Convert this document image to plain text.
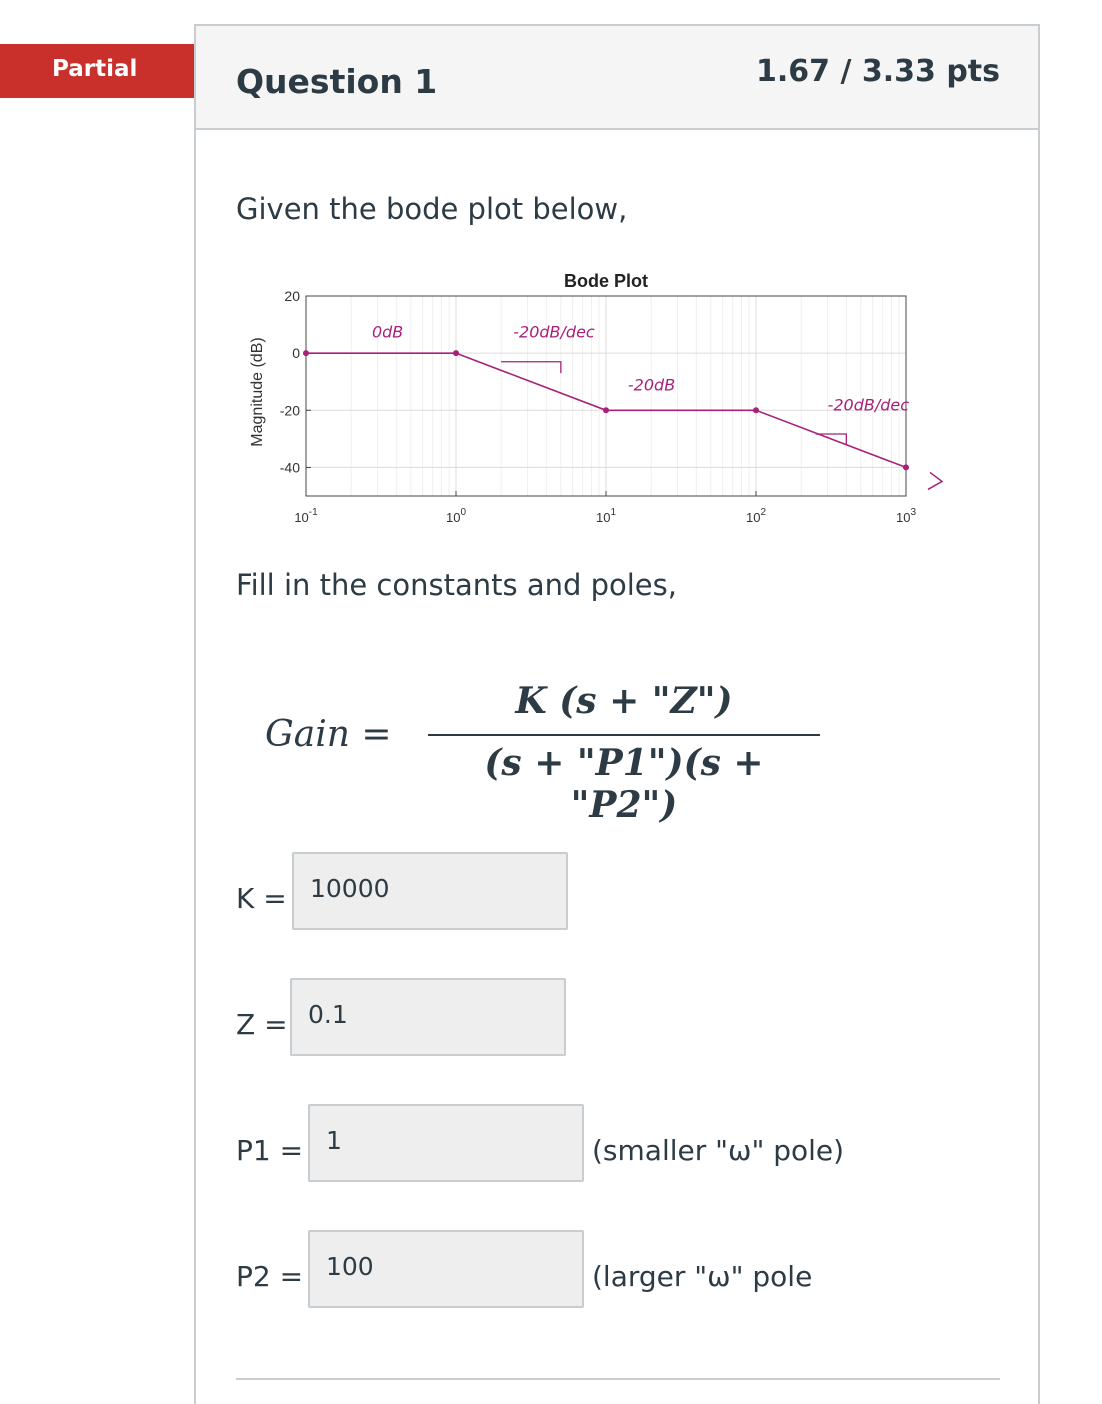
Partial	Question 1	1.67 / 3.33 pts
Given the bode plot below,
Bode Plot
Magnitude (dB)
20
0
-20
-40
$10^{-1}$	$10^0$	$10^1$	$10^2$	$10^3$
0dB	-20dB/dec
-20dB
-20dB/dec
Fill in the constants and poles,
Gain =
K (s + "Z")
(s + "P1")(s + "P2")
K = 10000
Z = 0.1
P1 = 1	(smaller "ω" pole)
P2 = 100	(larger "ω" pole
